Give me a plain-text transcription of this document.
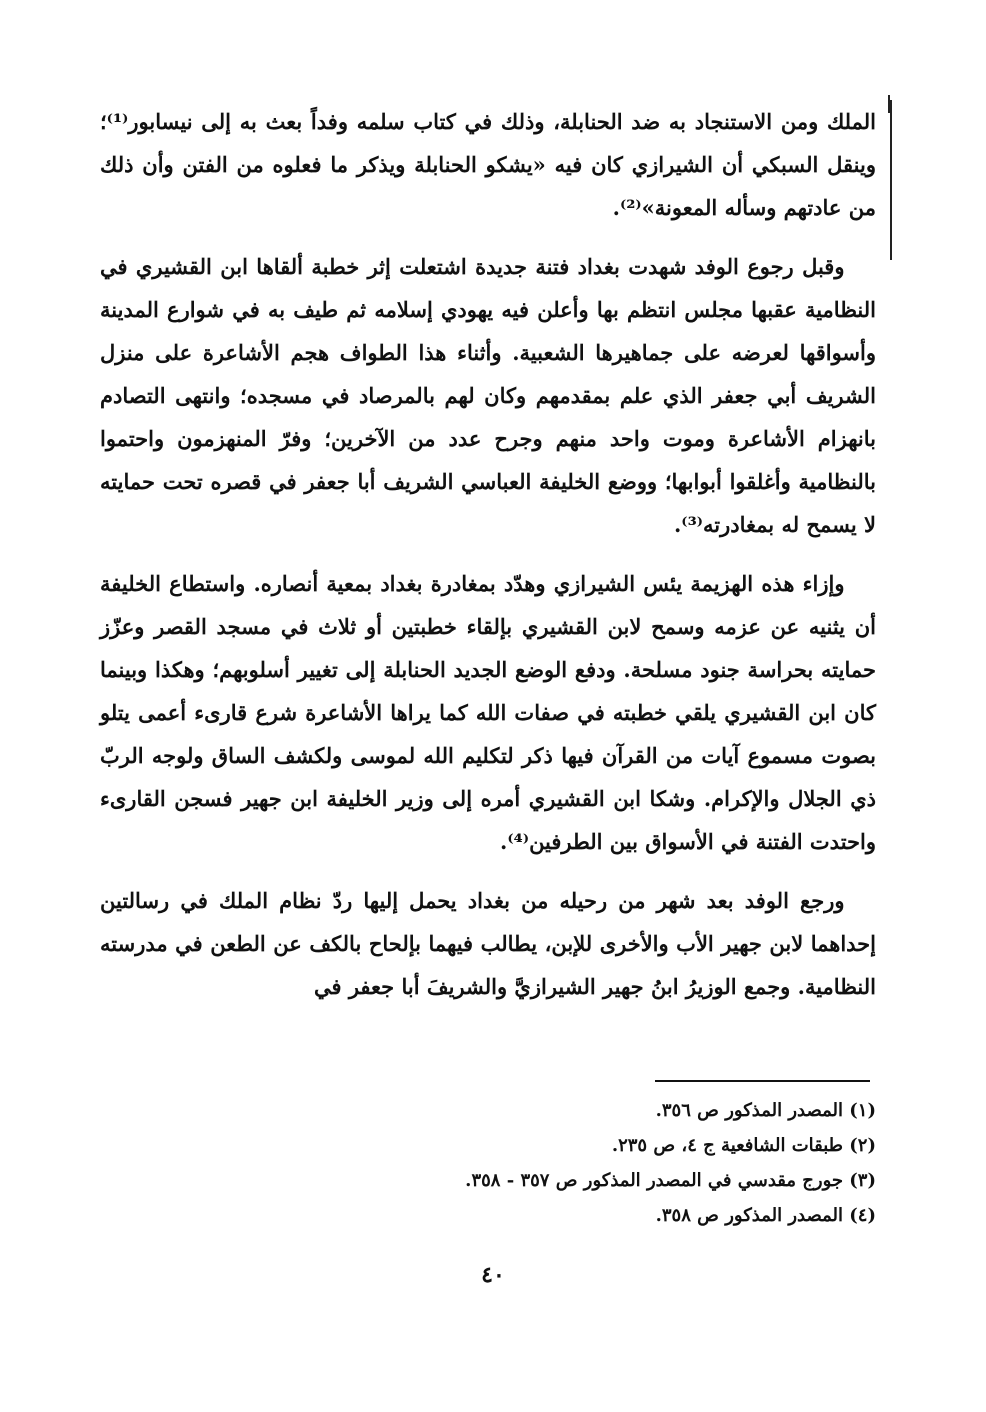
الملك ومن الاستنجاد به ضد الحنابلة، وذلك في كتاب سلمه وفداً بعث به إلى نيسابور⁽¹⁾؛ وينقل السبكي أن الشيرازي كان فيه «يشكو الحنابلة ويذكر ما فعلوه من الفتن وأن ذلك من عادتهم وسأله المعونة»⁽²⁾.

وقبل رجوع الوفد شهدت بغداد فتنة جديدة اشتعلت إثر خطبة ألقاها ابن القشيري في النظامية عقبها مجلس انتظم بها وأعلن فيه يهودي إسلامه ثم طيف به في شوارع المدينة وأسواقها لعرضه على جماهيرها الشعبية. وأثناء هذا الطواف هجم الأشاعرة على منزل الشريف أبي جعفر الذي علم بمقدمهم وكان لهم بالمرصاد في مسجده؛ وانتهى التصادم بانهزام الأشاعرة وموت واحد منهم وجرح عدد من الآخرين؛ وفرّ المنهزمون واحتموا بالنظامية وأغلقوا أبوابها؛ ووضع الخليفة العباسي الشريف أبا جعفر في قصره تحت حمايته لا يسمح له بمغادرته⁽³⁾.

وإزاء هذه الهزيمة يئس الشيرازي وهدّد بمغادرة بغداد بمعية أنصاره. واستطاع الخليفة أن يثنيه عن عزمه وسمح لابن القشيري بإلقاء خطبتين أو ثلاث في مسجد القصر وعزّز حمايته بحراسة جنود مسلحة. ودفع الوضع الجديد الحنابلة إلى تغيير أسلوبهم؛ وهكذا وبينما كان ابن القشيري يلقي خطبته في صفات الله كما يراها الأشاعرة شرع قارىء أعمى يتلو بصوت مسموع آيات من القرآن فيها ذكر لتكليم الله لموسى ولكشف الساق ولوجه الربّ ذي الجلال والإكرام. وشكا ابن القشيري أمره إلى وزير الخليفة ابن جهير فسجن القارىء واحتدت الفتنة في الأسواق بين الطرفين⁽⁴⁾.

ورجع الوفد بعد شهر من رحيله من بغداد يحمل إليها ردّ نظام الملك في رسالتين إحداهما لابن جهير الأب والأخرى للإبن، يطالب فيهما بإلحاح بالكف عن الطعن في مدرسته النظامية. وجمع الوزيرُ ابنُ جهير الشيرازيَّ والشريفَ أبا جعفر في

(١) المصدر المذكور ص ٣٥٦.

(٢) طبقات الشافعية ج ٤، ص ٢٣٥.

(٣) جورج مقدسي في المصدر المذكور ص ٣٥٧ - ٣٥٨.

(٤) المصدر المذكور ص ٣٥٨.

٤٠
